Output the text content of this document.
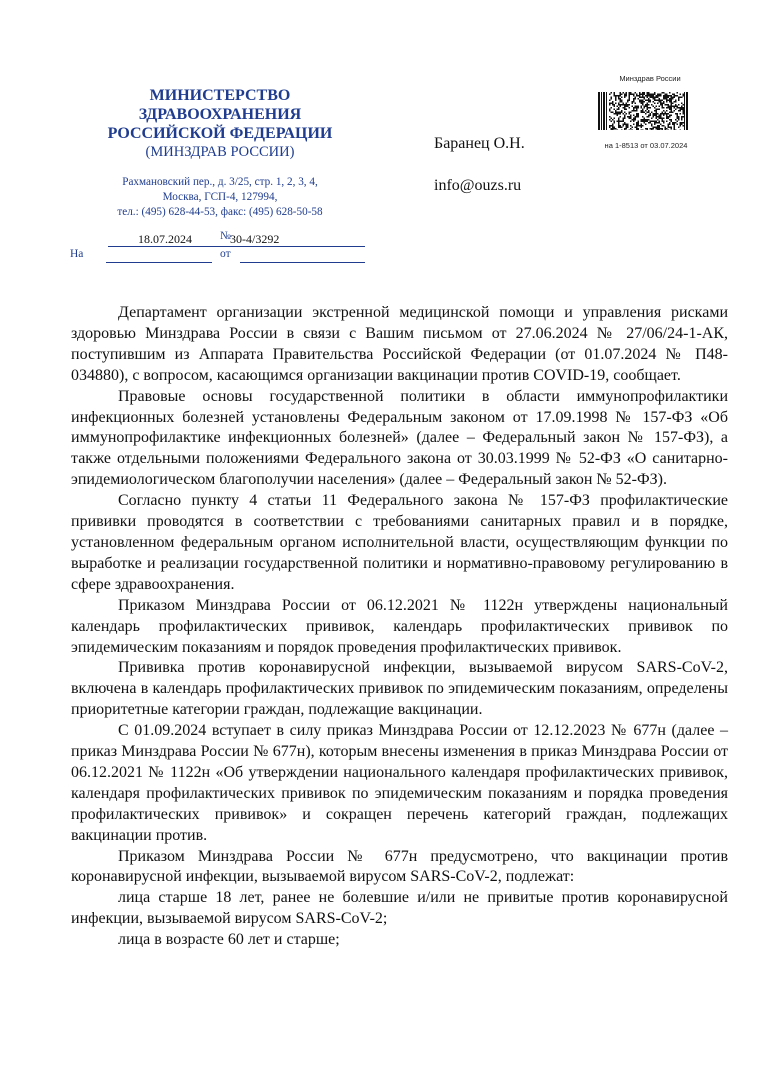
МИНИСТЕРСТВО
ЗДРАВООХРАНЕНИЯ
РОССИЙСКОЙ ФЕДЕРАЦИИ
(МИНЗДРАВ РОССИИ)
Рахмановский пер., д. 3/25, стр. 1, 2, 3, 4,
Москва, ГСП-4, 127994,
тел.: (495) 628-44-53, факс: (495) 628-50-58
18.07.2024 № 30-4/3292
На	от
Баранец О.Н.
info@ouzs.ru
Минздрав России
на 1-8513 от 03.07.2024

Департамент организации экстренной медицинской помощи и управления рисками здоровью Минздрава России в связи с Вашим письмом от 27.06.2024 № 27/06/24-1-АК, поступившим из Аппарата Правительства Российской Федерации (от 01.07.2024 № П48-034880), с вопросом, касающимся организации вакцинации против COVID-19, сообщает.

Правовые основы государственной политики в области иммунопрофилактики инфекционных болезней установлены Федеральным законом от 17.09.1998 № 157-ФЗ «Об иммунопрофилактике инфекционных болезней» (далее – Федеральный закон № 157-ФЗ), а также отдельными положениями Федерального закона от 30.03.1999 № 52-ФЗ «О санитарно-эпидемиологическом благополучии населения» (далее – Федеральный закон № 52-ФЗ).

Согласно пункту 4 статьи 11 Федерального закона № 157-ФЗ профилактические прививки проводятся в соответствии с требованиями санитарных правил и в порядке, установленном федеральным органом исполнительной власти, осуществляющим функции по выработке и реализации государственной политики и нормативно-правовому регулированию в сфере здравоохранения.

Приказом Минздрава России от 06.12.2021 № 1122н утверждены национальный календарь профилактических прививок, календарь профилактических прививок по эпидемическим показаниям и порядок проведения профилактических прививок.

Прививка против коронавирусной инфекции, вызываемой вирусом SARS-CoV-2, включена в календарь профилактических прививок по эпидемическим показаниям, определены приоритетные категории граждан, подлежащие вакцинации.

С 01.09.2024 вступает в силу приказ Минздрава России от 12.12.2023 № 677н (далее – приказ Минздрава России № 677н), которым внесены изменения в приказ Минздрава России от 06.12.2021 № 1122н «Об утверждении национального календаря профилактических прививок, календаря профилактических прививок по эпидемическим показаниям и порядка проведения профилактических прививок» и сокращен перечень категорий граждан, подлежащих вакцинации против.

Приказом Минздрава России № 677н предусмотрено, что вакцинации против коронавирусной инфекции, вызываемой вирусом SARS-CoV-2, подлежат:

лица старше 18 лет, ранее не болевшие и/или не привитые против коронавирусной инфекции, вызываемой вирусом SARS-CoV-2;

лица в возрасте 60 лет и старше;
